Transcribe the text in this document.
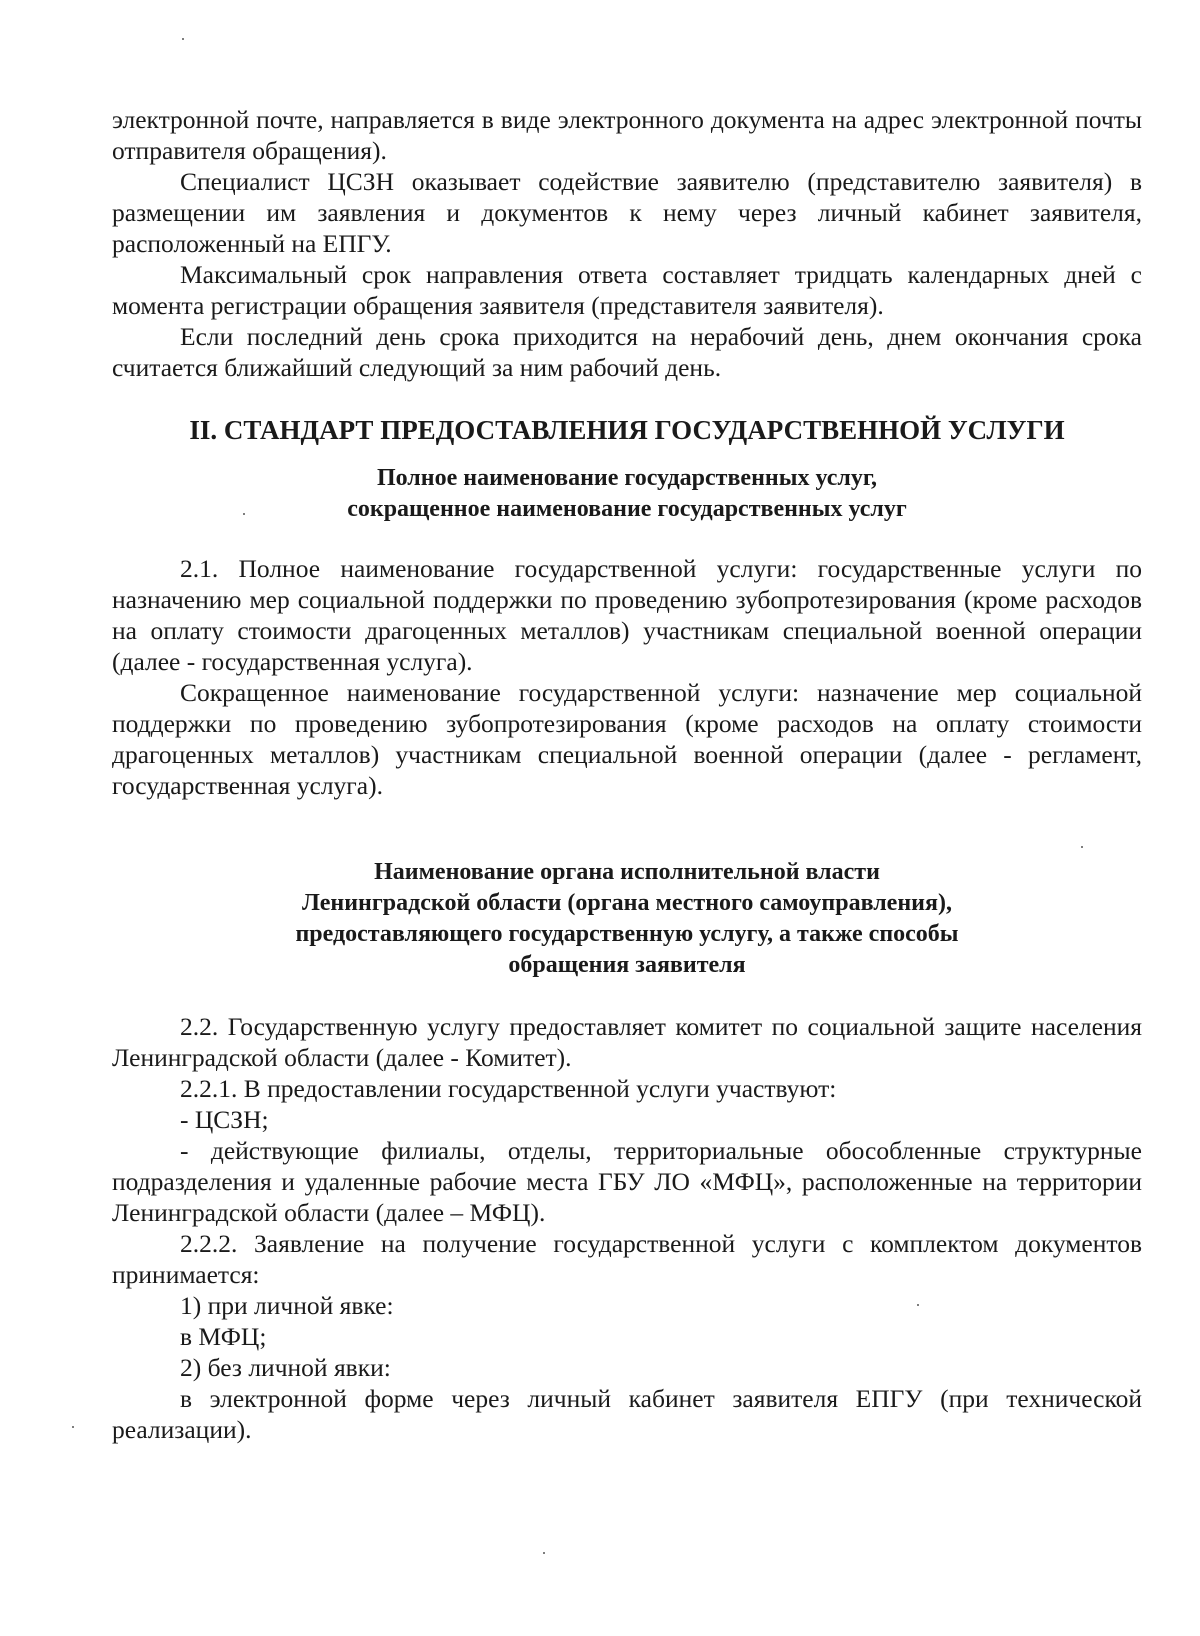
электронной почте, направляется в виде электронного документа на адрес электронной почты отправителя обращения).

Специалист ЦСЗН оказывает содействие заявителю (представителю заявителя) в размещении им заявления и документов к нему через личный кабинет заявителя, расположенный на ЕПГУ.

Максимальный срок направления ответа составляет тридцать календарных дней с момента регистрации обращения заявителя (представителя заявителя).

Если последний день срока приходится на нерабочий день, днем окончания срока считается ближайший следующий за ним рабочий день.

II. СТАНДАРТ ПРЕДОСТАВЛЕНИЯ ГОСУДАРСТВЕННОЙ УСЛУГИ
Полное наименование государственных услуг,
сокращенное наименование государственных услуг

2.1. Полное наименование государственной услуги: государственные услуги по назначению мер социальной поддержки по проведению зубопротезирования (кроме расходов на оплату стоимости драгоценных металлов) участникам специальной военной операции (далее - государственная услуга).

Сокращенное наименование государственной услуги: назначение мер социальной поддержки по проведению зубопротезирования (кроме расходов на оплату стоимости драгоценных металлов) участникам специальной военной операции (далее - регламент, государственная услуга).

Наименование органа исполнительной власти
Ленинградской области (органа местного самоуправления),
предоставляющего государственную услугу, а также способы
обращения заявителя

2.2. Государственную услугу предоставляет комитет по социальной защите населения Ленинградской области (далее - Комитет).

2.2.1. В предоставлении государственной услуги участвуют:

- ЦСЗН;

- действующие филиалы, отделы, территориальные обособленные структурные подразделения и удаленные рабочие места ГБУ ЛО «МФЦ», расположенные на территории Ленинградской области (далее – МФЦ).

2.2.2. Заявление на получение государственной услуги с комплектом документов принимается:

1) при личной явке:

в МФЦ;

2) без личной явки:

в электронной форме через личный кабинет заявителя ЕПГУ (при технической реализации).
